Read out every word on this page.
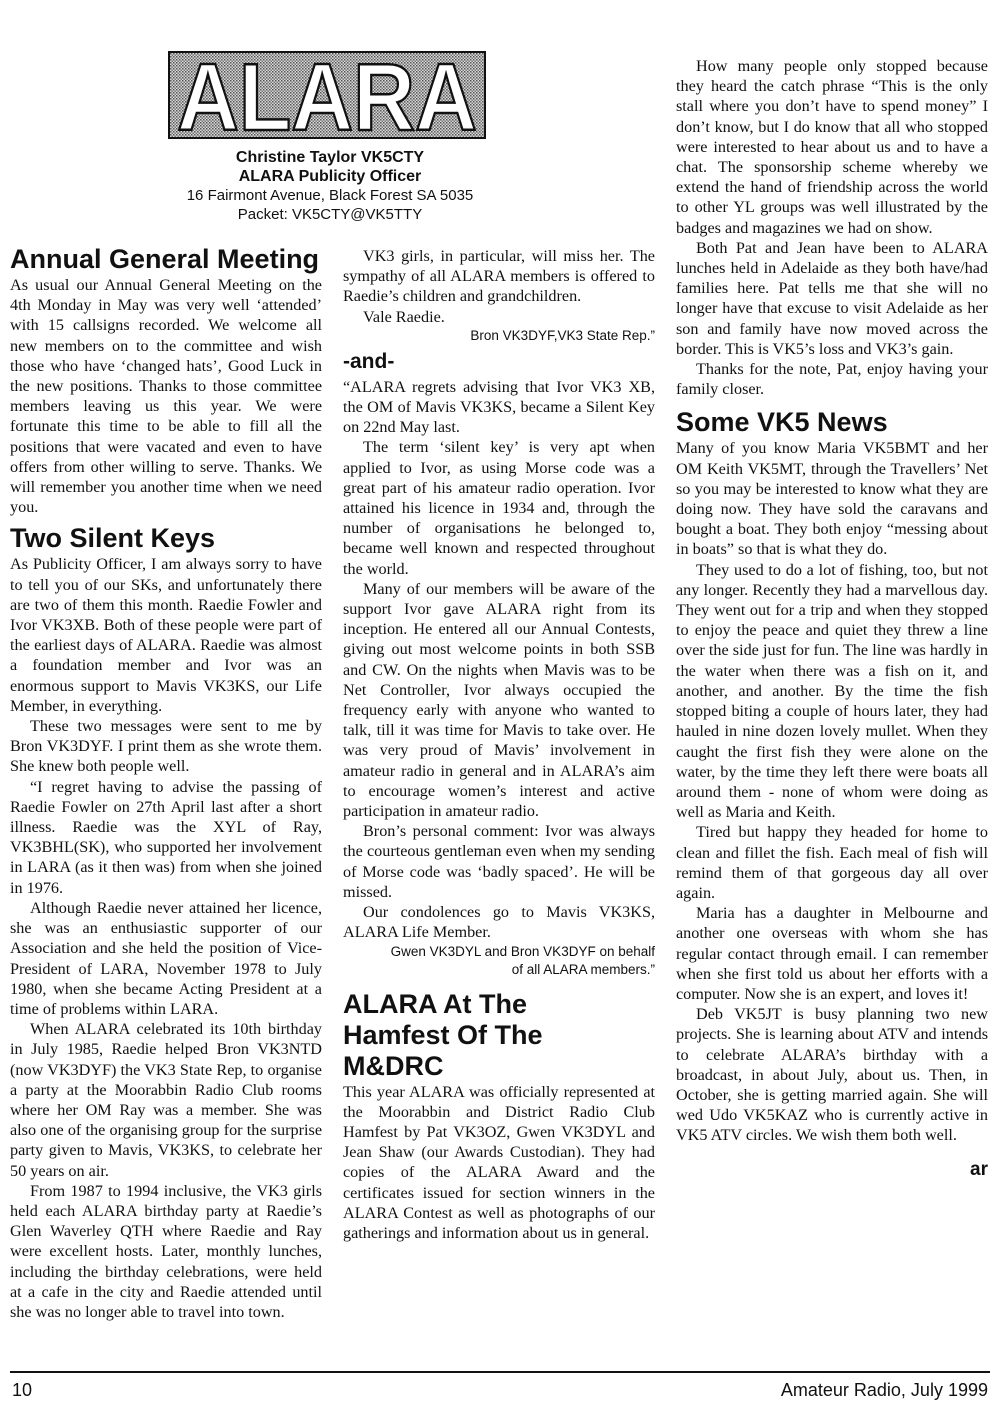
ALARA
Christine Taylor VK5CTY
ALARA Publicity Officer
16 Fairmont Avenue, Black Forest SA 5035
Packet: VK5CTY@VK5TTY
Annual General Meeting

As usual our Annual General Meeting on the 4th Monday in May was very well ‘attended’ with 15 callsigns recorded. We welcome all new members on to the committee and wish those who have ‘changed hats’, Good Luck in the new positions. Thanks to those committee members leaving us this year. We were fortunate this time to be able to fill all the positions that were vacated and even to have offers from other willing to serve. Thanks. We will remember you another time when we need you.

Two Silent Keys

As Publicity Officer, I am always sorry to have to tell you of our SKs, and unfortunately there are two of them this month. Raedie Fowler and Ivor VK3XB. Both of these people were part of the earliest days of ALARA. Raedie was almost a foundation member and Ivor was an enormous support to Mavis VK3KS, our Life Member, in everything.

These two messages were sent to me by Bron VK3DYF. I print them as she wrote them. She knew both people well.

“I regret having to advise the passing of Raedie Fowler on 27th April last after a short illness. Raedie was the XYL of Ray, VK3BHL(SK), who supported her involvement in LARA (as it then was) from when she joined in 1976.

Although Raedie never attained her licence, she was an enthusiastic supporter of our Association and she held the position of Vice-President of LARA, November 1978 to July 1980, when she became Acting President at a time of problems within LARA.

When ALARA celebrated its 10th birthday in July 1985, Raedie helped Bron VK3NTD (now VK3DYF) the VK3 State Rep, to organise a party at the Moorabbin Radio Club rooms where her OM Ray was a member. She was also one of the organising group for the surprise party given to Mavis, VK3KS, to celebrate her 50 years on air.

From 1987 to 1994 inclusive, the VK3 girls held each ALARA birthday party at Raedie’s Glen Waverley QTH where Raedie and Ray were excellent hosts. Later, monthly lunches, including the birthday celebrations, were held at a cafe in the city and Raedie attended until she was no longer able to travel into town.

VK3 girls, in particular, will miss her. The sympathy of all ALARA members is offered to Raedie’s children and grandchildren.

Vale Raedie.

Bron VK3DYF,VK3 State Rep.”

-and-

“ALARA regrets advising that Ivor VK3 XB, the OM of Mavis VK3KS, became a Silent Key on 22nd May last.

The term ‘silent key’ is very apt when applied to Ivor, as using Morse code was a great part of his amateur radio operation. Ivor attained his licence in 1934 and, through the number of organisations he belonged to, became well known and respected throughout the world.

Many of our members will be aware of the support Ivor gave ALARA right from its inception. He entered all our Annual Contests, giving out most welcome points in both SSB and CW. On the nights when Mavis was to be Net Controller, Ivor always occupied the frequency early with anyone who wanted to talk, till it was time for Mavis to take over. He was very proud of Mavis’ involvement in amateur radio in general and in ALARA’s aim to encourage women’s interest and active participation in amateur radio.

Bron’s personal comment: Ivor was always the courteous gentleman even when my sending of Morse code was ‘badly spaced’. He will be missed.

Our condolences go to Mavis VK3KS, ALARA Life Member.

Gwen VK3DYL and Bron VK3DYF on behalf

of all ALARA members.”

ALARA At The Hamfest Of The M&DRC

This year ALARA was officially represented at the Moorabbin and District Radio Club Hamfest by Pat VK3OZ, Gwen VK3DYL and Jean Shaw (our Awards Custodian). They had copies of the ALARA Award and the certificates issued for section winners in the ALARA Contest as well as photographs of our gatherings and information about us in general.

How many people only stopped because they heard the catch phrase “This is the only stall where you don’t have to spend money” I don’t know, but I do know that all who stopped were interested to hear about us and to have a chat. The sponsorship scheme whereby we extend the hand of friendship across the world to other YL groups was well illustrated by the badges and magazines we had on show.

Both Pat and Jean have been to ALARA lunches held in Adelaide as they both have/had families here. Pat tells me that she will no longer have that excuse to visit Adelaide as her son and family have now moved across the border. This is VK5’s loss and VK3’s gain.

Thanks for the note, Pat, enjoy having your family closer.

Some VK5 News

Many of you know Maria VK5BMT and her OM Keith VK5MT, through the Travellers’ Net so you may be interested to know what they are doing now. They have sold the caravans and bought a boat. They both enjoy “messing about in boats” so that is what they do.

They used to do a lot of fishing, too, but not any longer. Recently they had a marvellous day. They went out for a trip and when they stopped to enjoy the peace and quiet they threw a line over the side just for fun. The line was hardly in the water when there was a fish on it, and another, and another. By the time the fish stopped biting a couple of hours later, they had hauled in nine dozen lovely mullet. When they caught the first fish they were alone on the water, by the time they left there were boats all around them - none of whom were doing as well as Maria and Keith.

Tired but happy they headed for home to clean and fillet the fish. Each meal of fish will remind them of that gorgeous day all over again.

Maria has a daughter in Melbourne and another one overseas with whom she has regular contact through email. I can remember when she first told us about her efforts with a computer. Now she is an expert, and loves it!

Deb VK5JT is busy planning two new projects. She is learning about ATV and intends to celebrate ALARA’s birthday with a broadcast, in about July, about us. Then, in October, she is getting married again. She will wed Udo VK5KAZ who is currently active in VK5 ATV circles. We wish them both well.

ar
10	Amateur Radio, July 1999
